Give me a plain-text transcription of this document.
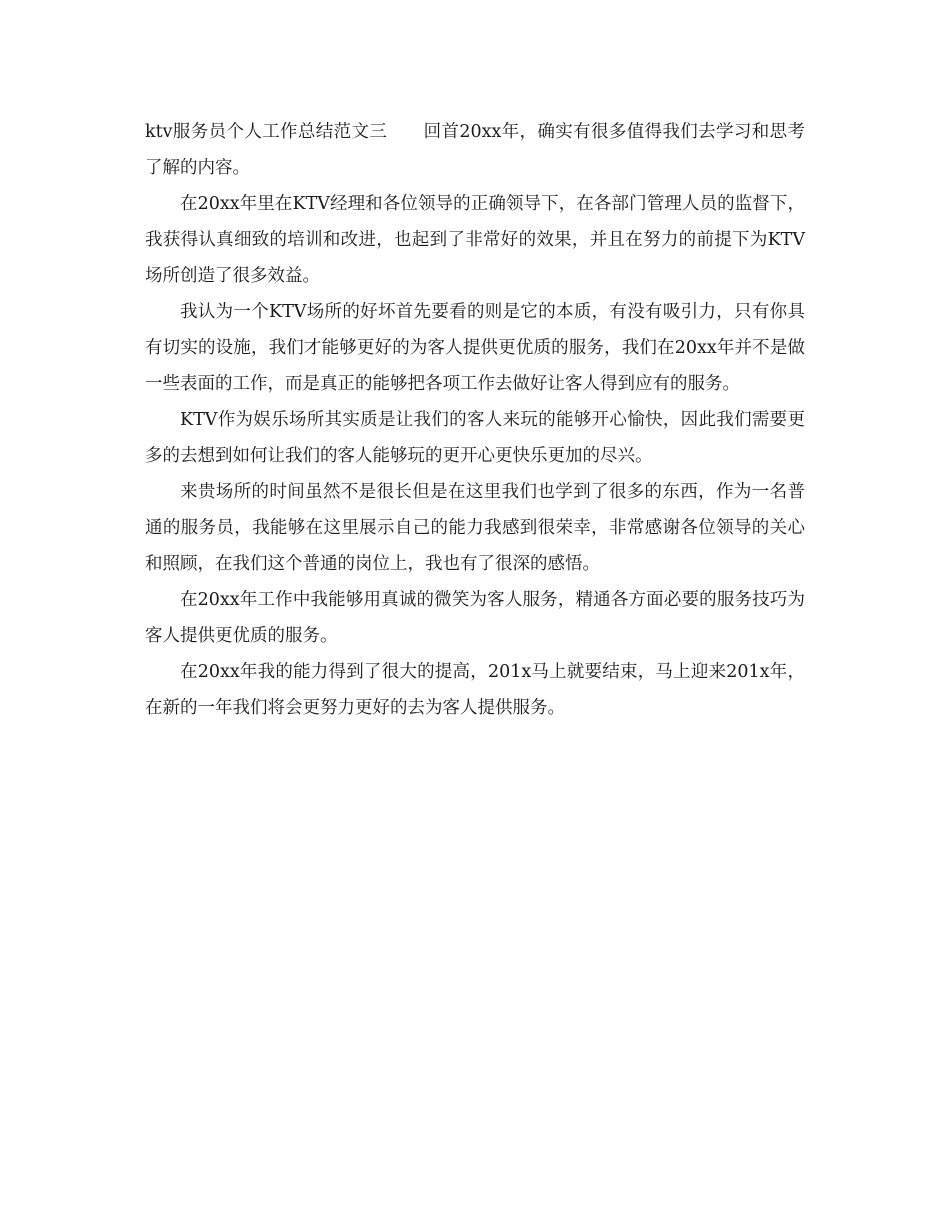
ktv服务员个人工作总结范文三 回首20xx年，确实有很多值得我们去学习和思考了解的内容。

在20xx年里在KTV经理和各位领导的正确领导下，在各部门管理人员的监督下，我获得认真细致的培训和改进，也起到了非常好的效果，并且在努力的前提下为KTV场所创造了很多效益。

我认为一个KTV场所的好坏首先要看的则是它的本质，有没有吸引力，只有你具有切实的设施，我们才能够更好的为客人提供更优质的服务，我们在20xx年并不是做一些表面的工作，而是真正的能够把各项工作去做好让客人得到应有的服务。

KTV作为娱乐场所其实质是让我们的客人来玩的能够开心愉快，因此我们需要更多的去想到如何让我们的客人能够玩的更开心更快乐更加的尽兴。

来贵场所的时间虽然不是很长但是在这里我们也学到了很多的东西，作为一名普通的服务员，我能够在这里展示自己的能力我感到很荣幸，非常感谢各位领导的关心和照顾，在我们这个普通的岗位上，我也有了很深的感悟。

在20xx年工作中我能够用真诚的微笑为客人服务，精通各方面必要的服务技巧为客人提供更优质的服务。

在20xx年我的能力得到了很大的提高，201x马上就要结束，马上迎来201x年，在新的一年我们将会更努力更好的去为客人提供服务。
